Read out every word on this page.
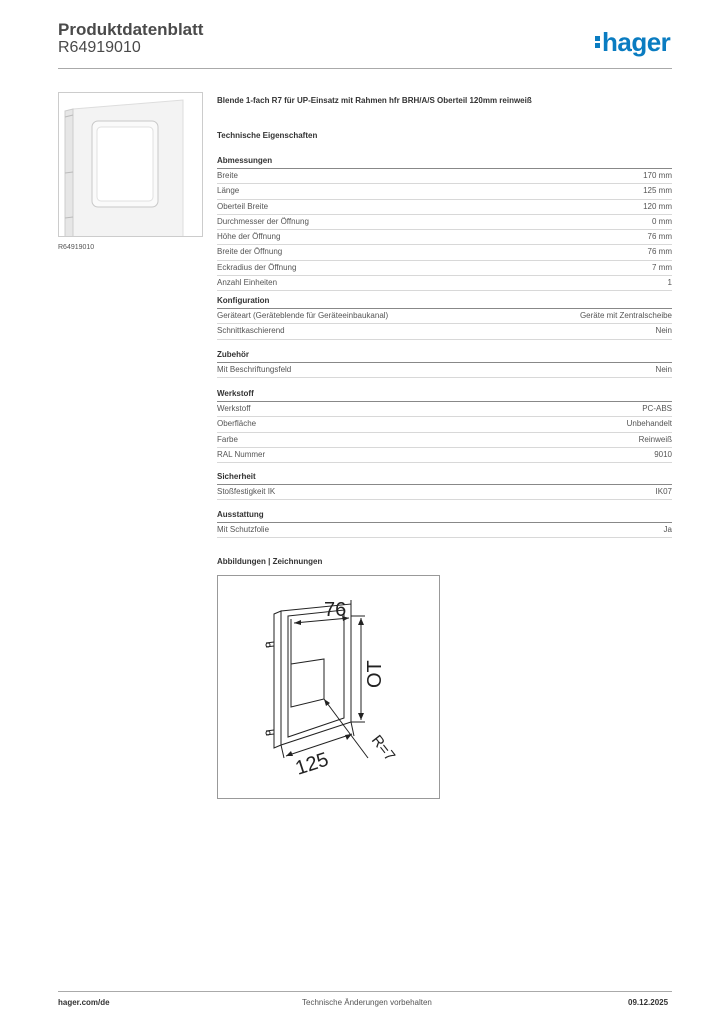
Produktdatenblatt
R64919010	hager
R64919010
Blende 1-fach R7 für UP-Einsatz mit Rahmen hfr BRH/A/S Oberteil 120mm reinweiß
Technische Eigenschaften
Abmessungen
Breite	170 mm
Länge	125 mm
Oberteil Breite	120 mm
Durchmesser der Öffnung	0 mm
Höhe der Öffnung	76 mm
Breite der Öffnung	76 mm
Eckradius der Öffnung	7 mm
Anzahl Einheiten	1
Konfiguration
Geräteart (Geräteblende für Geräteeinbaukanal)	Geräte mit Zentralscheibe
Schnittkaschierend	Nein
Zubehör
Mit Beschriftungsfeld	Nein
Werkstoff
Werkstoff	PC-ABS
Oberfläche	Unbehandelt
Farbe	Reinweiß
RAL Nummer	9010
Sicherheit
Stoßfestigkeit IK	IK07
Ausstattung
Mit Schutzfolie	Ja
Abbildungen | Zeichnungen
76
OT
125 R=7
hager.com/de	Technische Änderungen vorbehalten	09.12.2025
